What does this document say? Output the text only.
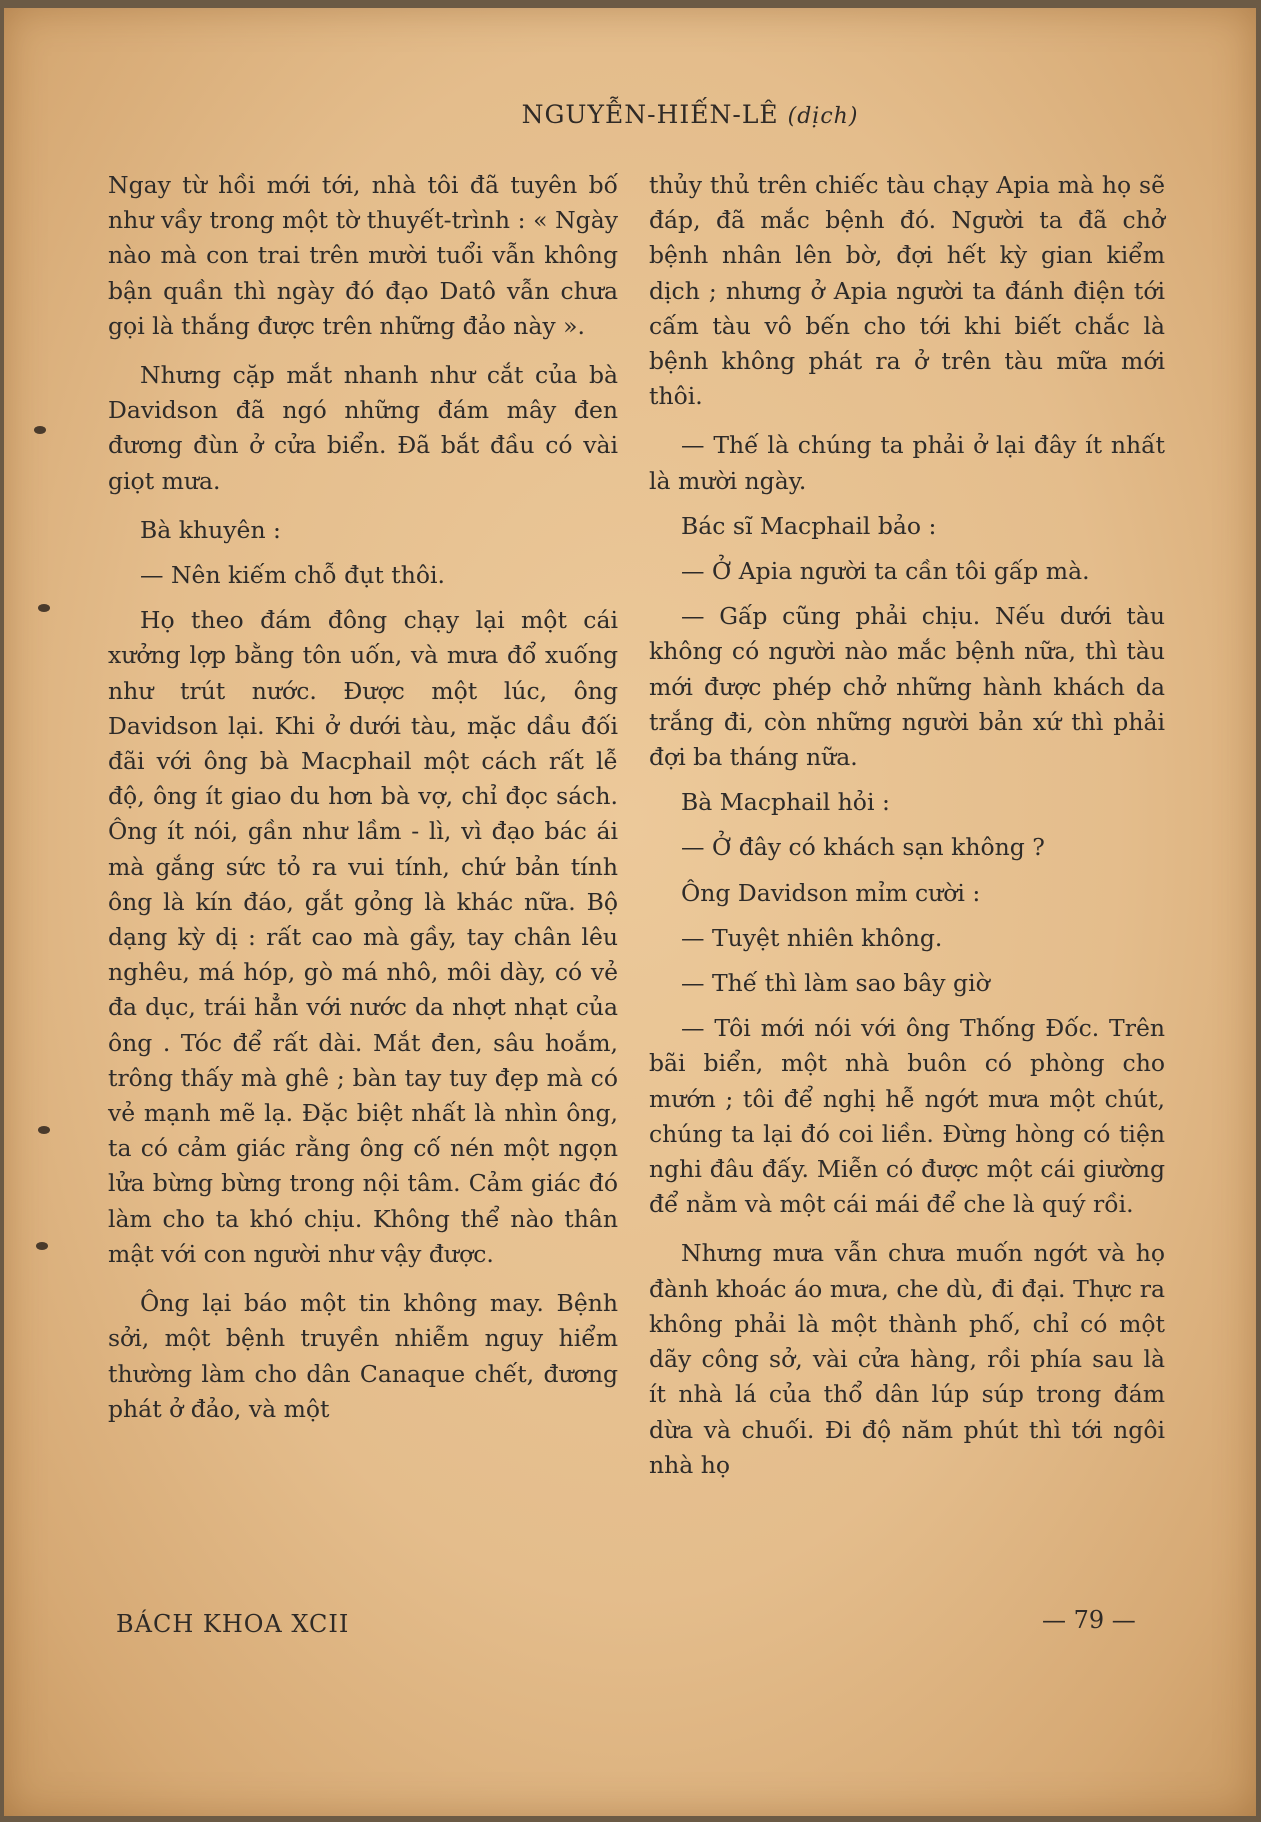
NGUYỄN-HIẾN-LÊ (dịch)

Ngay từ hồi mới tới, nhà tôi đã tuyên bố như vầy trong một tờ thuyết-trình : « Ngày nào mà con trai trên mười tuổi vẫn không bận quần thì ngày đó đạo Datô vẫn chưa gọi là thắng được trên những đảo này ».

Nhưng cặp mắt nhanh như cắt của bà Davidson đã ngó những đám mây đen đương đùn ở cửa biển. Đã bắt đầu có vài giọt mưa.

Bà khuyên :

— Nên kiếm chỗ đụt thôi.

Họ theo đám đông chạy lại một cái xưởng lợp bằng tôn uốn, và mưa đổ xuống như trút nước. Được một lúc, ông Davidson lại. Khi ở dưới tàu, mặc dầu đối đãi với ông bà Macphail một cách rất lễ độ, ông ít giao du hơn bà vợ, chỉ đọc sách. Ông ít nói, gần như lầm - lì, vì đạo bác ái mà gắng sức tỏ ra vui tính, chứ bản tính ông là kín đáo, gắt gỏng là khác nữa. Bộ dạng kỳ dị : rất cao mà gầy, tay chân lêu nghêu, má hóp, gò má nhô, môi dày, có vẻ đa dục, trái hẳn với nước da nhợt nhạt của ông . Tóc để rất dài. Mắt đen, sâu hoắm, trông thấy mà ghê ; bàn tay tuy đẹp mà có vẻ mạnh mẽ lạ. Đặc biệt nhất là nhìn ông, ta có cảm giác rằng ông cố nén một ngọn lửa bừng bừng trong nội tâm. Cảm giác đó làm cho ta khó chịu. Không thể nào thân mật với con người như vậy được.

Ông lại báo một tin không may. Bệnh sởi, một bệnh truyền nhiễm nguy hiểm thường làm cho dân Canaque chết, đương phát ở đảo, và một

thủy thủ trên chiếc tàu chạy Apia mà họ sẽ đáp, đã mắc bệnh đó. Người ta đã chở bệnh nhân lên bờ, đợi hết kỳ gian kiểm dịch ; nhưng ở Apia người ta đánh điện tới cấm tàu vô bến cho tới khi biết chắc là bệnh không phát ra ở trên tàu mữa mới thôi.

— Thế là chúng ta phải ở lại đây ít nhất là mười ngày.

Bác sĩ Macphail bảo :

— Ở Apia người ta cần tôi gấp mà.

— Gấp cũng phải chịu. Nếu dưới tàu không có người nào mắc bệnh nữa, thì tàu mới được phép chở những hành khách da trắng đi, còn những người bản xứ thì phải đợi ba tháng nữa.

Bà Macphail hỏi :

— Ở đây có khách sạn không ?

Ông Davidson mỉm cười :

— Tuyệt nhiên không.

— Thế thì làm sao bây giờ

— Tôi mới nói với ông Thống Đốc. Trên bãi biển, một nhà buôn có phòng cho mướn ; tôi để nghị hễ ngớt mưa một chút, chúng ta lại đó coi liền. Đừng hòng có tiện nghi đâu đấy. Miễn có được một cái giường để nằm và một cái mái để che là quý rồi.

Nhưng mưa vẫn chưa muốn ngớt và họ đành khoác áo mưa, che dù, đi đại. Thực ra không phải là một thành phố, chỉ có một dãy công sở, vài cửa hàng, rồi phía sau là ít nhà lá của thổ dân lúp súp trong đám dừa và chuối. Đi độ năm phút thì tới ngôi nhà họ

BÁCH KHOA XCII	— 79 —
